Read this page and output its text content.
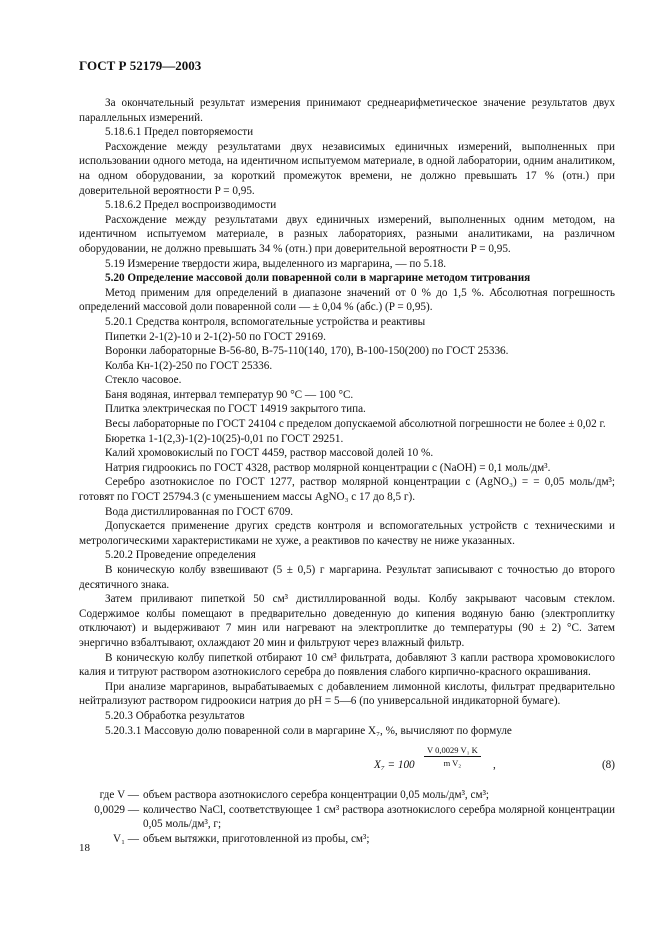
ГОСТ Р 52179—2003

За окончательный результат измерения принимают среднеарифметическое значение результатов двух параллельных измерений.

5.18.6.1 Предел повторяемости

Расхождение между результатами двух независимых единичных измерений, выполненных при использовании одного метода, на идентичном испытуемом материале, в одной лаборатории, одним аналитиком, на одном оборудовании, за короткий промежуток времени, не должно превышать 17 % (отн.) при доверительной вероятности P = 0,95.

5.18.6.2 Предел воспроизводимости

Расхождение между результатами двух единичных измерений, выполненных одним методом, на идентичном испытуемом материале, в разных лабораториях, разными аналитиками, на различном оборудовании, не должно превышать 34 % (отн.) при доверительной вероятности P = 0,95.

5.19 Измерение твердости жира, выделенного из маргарина, — по 5.18.

5.20 Определение массовой доли поваренной соли в маргарине методом титрования

Метод применим для определений в диапазоне значений от 0 % до 1,5 %. Абсолютная погрешность определений массовой доли поваренной соли — ± 0,04 % (абс.) (P = 0,95).

5.20.1 Средства контроля, вспомогательные устройства и реактивы

Пипетки 2-1(2)-10 и 2-1(2)-50 по ГОСТ 29169.

Воронки лабораторные В-56-80, В-75-110(140, 170), В-100-150(200) по ГОСТ 25336.

Колба Кн-1(2)-250 по ГОСТ 25336.

Стекло часовое.

Баня водяная, интервал температур 90 °С — 100 °С.

Плитка электрическая по ГОСТ 14919 закрытого типа.

Весы лабораторные по ГОСТ 24104 с пределом допускаемой абсолютной погрешности не более ± 0,02 г.

Бюретка 1-1(2,3)-1(2)-10(25)-0,01 по ГОСТ 29251.

Калий хромовокислый по ГОСТ 4459, раствор массовой долей 10 %.

Натрия гидроокись по ГОСТ 4328, раствор молярной концентрации c (NaOH) = 0,1 моль/дм³.

Серебро азотнокислое по ГОСТ 1277, раствор молярной концентрации c (AgNO₃) = = 0,05 моль/дм³; готовят по ГОСТ 25794.3 (с уменьшением массы AgNO₃ с 17 до 8,5 г).

Вода дистиллированная по ГОСТ 6709.

Допускается применение других средств контроля и вспомогательных устройств с техническими и метрологическими характеристиками не хуже, а реактивов по качеству не ниже указанных.

5.20.2 Проведение определения

В коническую колбу взвешивают (5 ± 0,5) г маргарина. Результат записывают с точностью до второго десятичного знака.

Затем приливают пипеткой 50 см³ дистиллированной воды. Колбу закрывают часовым стеклом. Содержимое колбы помещают в предварительно доведенную до кипения водяную баню (электроплитку отключают) и выдерживают 7 мин или нагревают на электроплитке до температуры (90 ± 2) °С. Затем энергично взбалтывают, охлаждают 20 мин и фильтруют через влажный фильтр.

В коническую колбу пипеткой отбирают 10 см³ фильтрата, добавляют 3 капли раствора хромовокислого калия и титруют раствором азотнокислого серебра до появления слабого кирпично-красного окрашивания.

При анализе маргаринов, вырабатываемых с добавлением лимонной кислоты, фильтрат предварительно нейтрализуют раствором гидроокиси натрия до pH = 5—6 (по универсальной индикаторной бумаге).

5.20.3 Обработка результатов

5.20.3.1 Массовую долю поваренной соли в маргарине X₇, %, вычисляют по формуле

$X_7 = 100 \frac{\text{V 0,0029 V₁ K}}{\text{m V₂}}$ ,	(8)
где V — объем раствора азотнокислого серебра концентрации 0,05 моль/дм³, см³;
0,0029 — количество NaCl, соответствующее 1 см³ раствора азотнокислого серебра молярной концентрации 0,05 моль/дм³, г;
V₁ — объем вытяжки, приготовленной из пробы, см³;
18
